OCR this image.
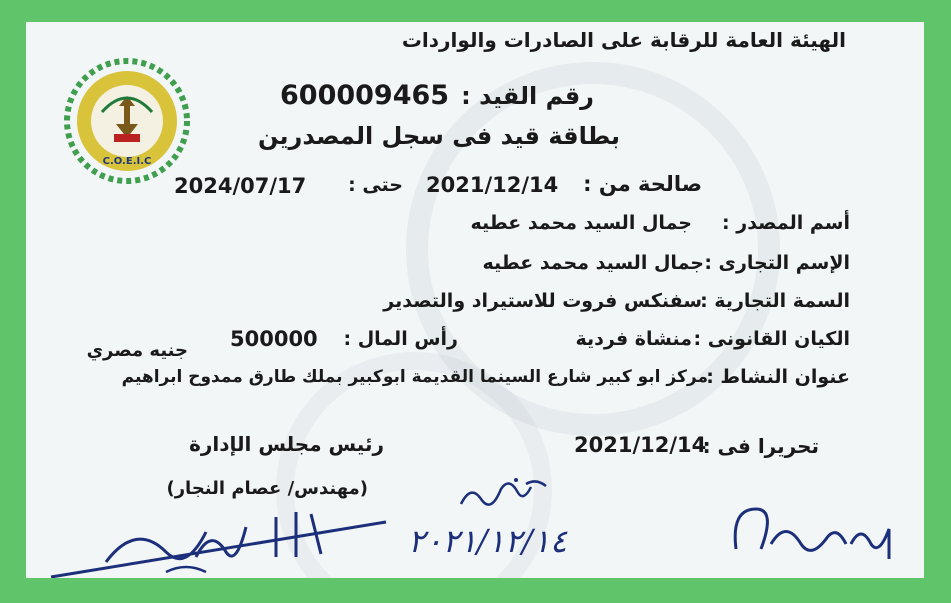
C.O.E.I.C
الهيئة العامة للرقابة على الصادرات والواردات
رقم القيد :
600009465
بطاقة قيد فى سجل المصدرين
صالحة من :
2021/12/14
حتى :
2024/07/17
أسم المصدر :
جمال السيد محمد عطيه
الإسم التجارى :
جمال السيد محمد عطيه
السمة التجارية :
سفنكس فروت للاستيراد والتصدير
الكيان القانونى :
منشاة فردية
رأس المال :
500000
جنيه مصري
عنوان النشاط :
مركز ابو كبير شارع السينما القديمة ابوكبير بملك طارق ممدوح ابراهيم
تحريرا فى :
2021/12/14
رئيس مجلس الإدارة
(مهندس/ عصام النجار)
٢٠٢١/١٢/١٤
